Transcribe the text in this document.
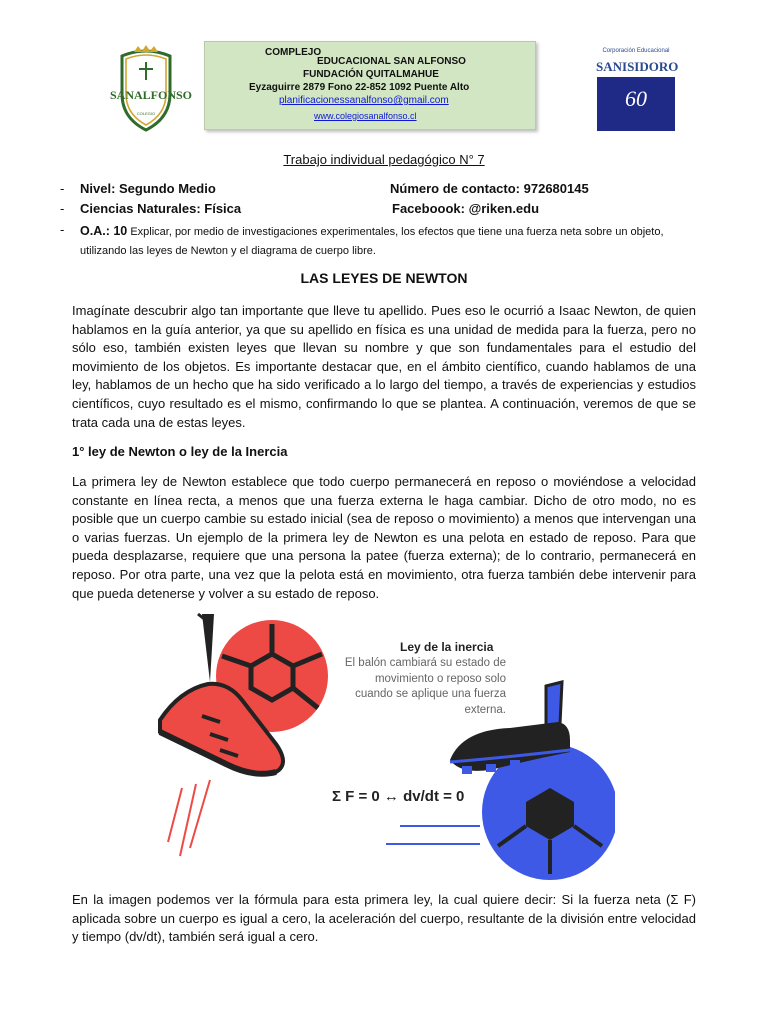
SANALFONSO
COLEGIO
COMPLEJO
EDUCACIONAL SAN ALFONSO
FUNDACIÓN QUITALMAHUE
Eyzaguirre 2879 Fono 22-852 1092 Puente Alto
planificacionessanalfonso@gmail.com
www.colegiosanalfonso.cl
Corporación Educacional
SANISIDORO
60
Trabajo individual pedagógico N° 7
- Nivel: Segundo Medio	Número de contacto: 972680145
- Ciencias Naturales: Física	Faceboook: @riken.edu
- O.A.: 10 Explicar, por medio de investigaciones experimentales, los efectos que tiene una fuerza neta sobre un objeto, utilizando las leyes de Newton y el diagrama de cuerpo libre.
LAS LEYES DE NEWTON
Imagínate descubrir algo tan importante que lleve tu apellido. Pues eso le ocurrió a Isaac Newton, de quien hablamos en la guía anterior, ya que su apellido en física es una unidad de medida para la fuerza, pero no sólo eso, también existen leyes que llevan su nombre y que son fundamentales para el estudio del movimiento de los objetos. Es importante destacar que, en el ámbito científico, cuando hablamos de una ley, hablamos de un hecho que ha sido verificado a lo largo del tiempo, a través de experiencias y estudios científicos, cuyo resultado es el mismo, confirmando lo que se plantea. A continuación, veremos de que se trata cada una de estas leyes.
1° ley de Newton o ley de la Inercia
La primera ley de Newton establece que todo cuerpo permanecerá en reposo o moviéndose a velocidad constante en línea recta, a menos que una fuerza externa le haga cambiar. Dicho de otro modo, no es posible que un cuerpo cambie su estado inicial (sea de reposo o movimiento) a menos que intervengan una o varias fuerzas. Un ejemplo de la primera ley de Newton es una pelota en estado de reposo. Para que pueda desplazarse, requiere que una persona la patee (fuerza externa); de lo contrario, permanecerá en reposo. Por otra parte, una vez que la pelota está en movimiento, otra fuerza también debe intervenir para que pueda detenerse y volver a su estado de reposo.
Ley de la inercia
El balón cambiará su estado de
movimiento o reposo solo
cuando se aplique una fuerza
externa.
Σ F = 0 ↔ dv/dt = 0
En la imagen podemos ver la fórmula para esta primera ley, la cual quiere decir: Si la fuerza neta (Σ F) aplicada sobre un cuerpo es igual a cero, la aceleración del cuerpo, resultante de la división entre velocidad y tiempo (dv/dt), también será igual a cero.
